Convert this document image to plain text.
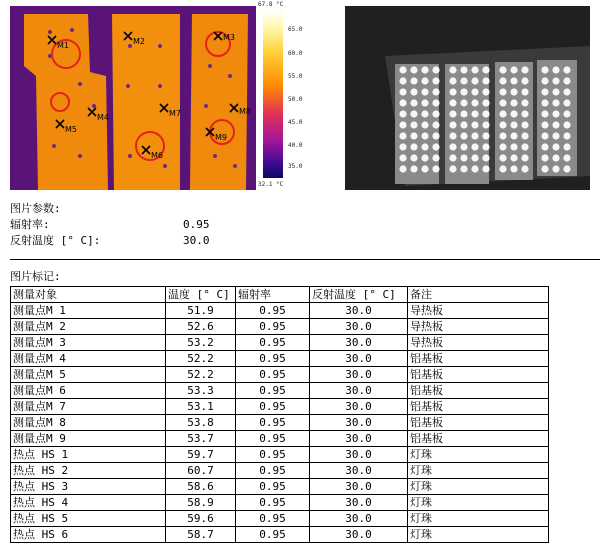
M1
M4
M5
M2
M7	M8
M6
M9
M3
67.8 °C
32.1 °C
65.0
60.0
55.0
50.0
45.0
40.0
35.0
图片参数:
辐射率:	0.95
反射温度 [° C]:	30.0
图片标记:
测量对象	温度 [° C]	辐射率	反射温度 [° C]	备注
测量点M 1	51.9	0.95	30.0	导热板
测量点M 2	52.6	0.95	30.0	导热板
测量点M 3	53.2	0.95	30.0	导热板
测量点M 4	52.2	0.95	30.0	铝基板
测量点M 5	52.2	0.95	30.0	铝基板
测量点M 6	53.3	0.95	30.0	铝基板
测量点M 7	53.1	0.95	30.0	铝基板
测量点M 8	53.8	0.95	30.0	铝基板
测量点M 9	53.7	0.95	30.0	铝基板
热点 HS 1	59.7	0.95	30.0	灯珠
热点 HS 2	60.7	0.95	30.0	灯珠
热点 HS 3	58.6	0.95	30.0	灯珠
热点 HS 4	58.9	0.95	30.0	灯珠
热点 HS 5	59.6	0.95	30.0	灯珠
热点 HS 6	58.7	0.95	30.0	灯珠
